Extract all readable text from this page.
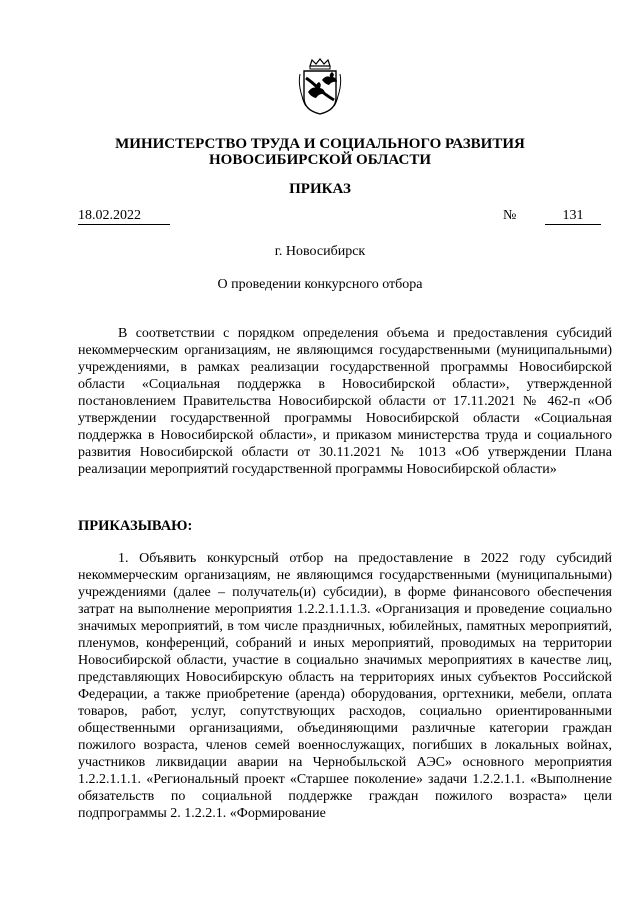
МИНИСТЕРСТВО ТРУДА И СОЦИАЛЬНОГО РАЗВИТИЯ
НОВОСИБИРСКОЙ ОБЛАСТИ
ПРИКАЗ
18.02.2022	№	131
г. Новосибирск
О проведении конкурсного отбора

В соответствии с порядком определения объема и предоставления субсидий некоммерческим организациям, не являющимся государственными (муниципальными) учреждениями, в рамках реализации государственной программы Новосибирской области «Социальная поддержка в Новосибирской области», утвержденной постановлением Правительства Новосибирской области от 17.11.2021 № 462-п «Об утверждении государственной программы Новосибирской области «Социальная поддержка в Новосибирской области», и приказом министерства труда и социального развития Новосибирской области от 30.11.2021 № 1013 «Об утверждении Плана реализации мероприятий государственной программы Новосибирской области»

ПРИКАЗЫВАЮ:

1. Объявить конкурсный отбор на предоставление в 2022 году субсидий некоммерческим организациям, не являющимся государственными (муниципальными) учреждениями (далее – получатель(и) субсидии), в форме финансового обеспечения затрат на выполнение мероприятия 1.2.2.1.1.1.3. «Организация и проведение социально значимых мероприятий, в том числе праздничных, юбилейных, памятных мероприятий, пленумов, конференций, собраний и иных мероприятий, проводимых на территории Новосибирской области, участие в социально значимых мероприятиях в качестве лиц, представляющих Новосибирскую область на территориях иных субъектов Российской Федерации, а также приобретение (аренда) оборудования, оргтехники, мебели, оплата товаров, работ, услуг, сопутствующих расходов, социально ориентированными общественными организациями, объединяющими различные категории граждан пожилого возраста, членов семей военнослужащих, погибших в локальных войнах, участников ликвидации аварии на Чернобыльской АЭС» основного мероприятия 1.2.2.1.1.1. «Региональный проект «Старшее поколение» задачи 1.2.2.1.1. «Выполнение обязательств по социальной поддержке граждан пожилого возраста» цели подпрограммы 2. 1.2.2.1. «Формирование
